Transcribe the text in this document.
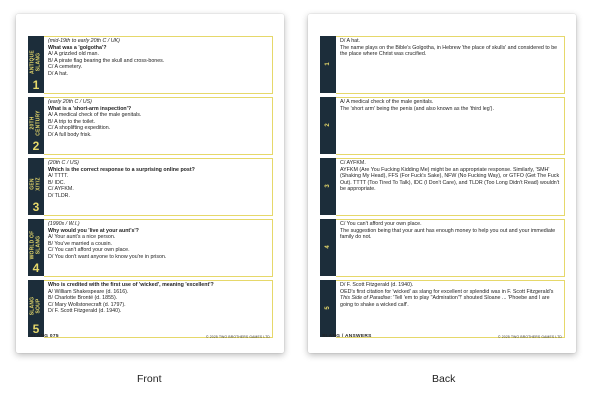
ANTIQUE SLANG
1
(mid-19th to early 20th C / UK)
What was a 'golgotha'?
A/ A grizzled old man.
B/ A pirate flag bearing the skull and cross-bones.
C/ A cemetery.
D/ A hat.
20TH CENTURY
2
(early 20th C / US)
What is a 'short-arm inspection'?
A/ A medical check of the male genitals.
B/ A trip to the toilet.
C/ A shoplifting expedition.
D/ A full body frisk.
GEN X/Y/Z
3
(20th C / US)
Which is the correct response to a surprising online post?
A/ TTTT.
B/ IDC.
C/ AYFKM.
D/ TLDR.
WORLD OF SLANG
4
(1990s / W.I.)
Why would you 'live at your aunt's'?
A/ Your aunt's a nice person.
B/ You've married a cousin.
C/ You can't afford your own place.
D/ You don't want anyone to know you're in prison.
SLANG SOUP
5
Who is credited with the first use of 'wicked', meaning 'excellent'?
A/ William Shakespeare (d. 1616).
B/ Charlotte Brontë (d. 1855).
C/ Mary Wollstonecraft (d. 1797).
D/ F. Scott Fitzgerald (d. 1940).
SLANG 075	© 2025 TWO BROTHERS GAMES LTD
1
D/ A hat.
The name plays on the Bible's Golgotha, in Hebrew 'the place of skulls' and considered to be the place where Christ was crucified.
2
A/ A medical check of the male genitals.
The 'short arm' being the penis (and also known as the 'third leg').
3
C/ AYFKM.
AYFKM (Are You Fucking Kidding Me) might be an appropriate response. Similarly, 'SMH' (Shaking My Head), FFS (For Fuck's Sake), NFW (No Fucking Way), or GTFO (Get The Fuck Out). TTTT (Too Tired To Talk), IDC (I Don't Care), and TLDR (Too Long Didn't Read) wouldn't be appropriate.
4
C/ You can't afford your own place.
The suggestion being that your aunt has enough money to help you out and your immediate family do not.
5
D/ F. Scott Fitzgerald (d. 1940).
OED's first citation for 'wicked' as slang for excellent or splendid was in F. Scott Fitzgerald's This Side of Paradise: 'Tell 'em to play "Admiration"!' shouted Sloane ... 'Phoebe and I are going to shake a wicked calf'.
SLANG / ANSWERS	© 2025 TWO BROTHERS GAMES LTD
Front	Back
